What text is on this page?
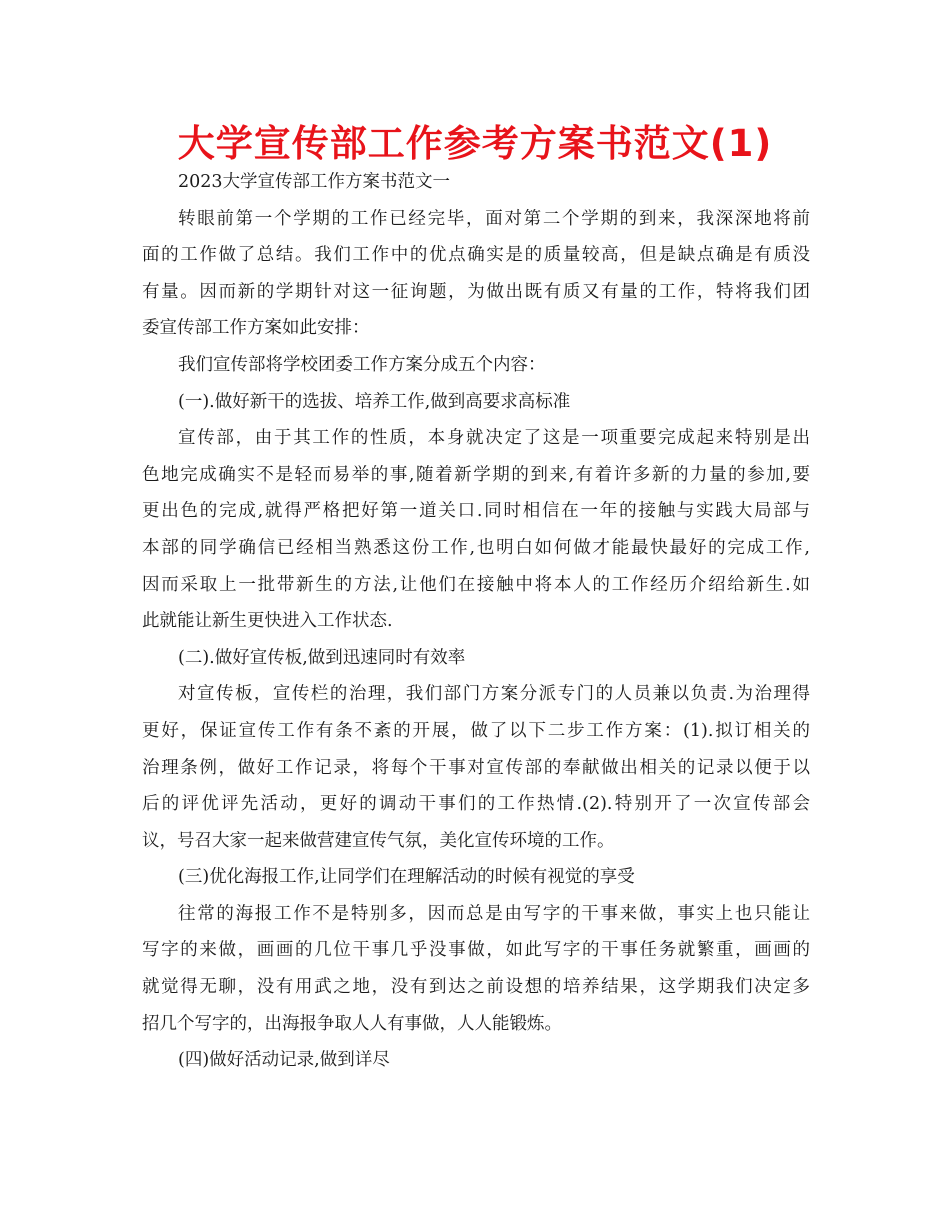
大学宣传部工作参考方案书范文(1)
2023大学宣传部工作方案书范文一
转眼前第一个学期的工作已经完毕，面对第二个学期的到来，我深深地将前
面的工作做了总结。我们工作中的优点确实是的质量较高，但是缺点确是有质没
有量。因而新的学期针对这一征询题，为做出既有质又有量的工作，特将我们团
委宣传部工作方案如此安排：
我们宣传部将学校团委工作方案分成五个内容：
(一).做好新干的选拔、培养工作,做到高要求高标准
宣传部，由于其工作的性质，本身就决定了这是一项重要完成起来特别是出
色地完成确实不是轻而易举的事,随着新学期的到来,有着许多新的力量的参加,要
更出色的完成,就得严格把好第一道关口.同时相信在一年的接触与实践大局部与
本部的同学确信已经相当熟悉这份工作,也明白如何做才能最快最好的完成工作,
因而采取上一批带新生的方法,让他们在接触中将本人的工作经历介绍给新生.如
此就能让新生更快进入工作状态.
(二).做好宣传板,做到迅速同时有效率
对宣传板，宣传栏的治理，我们部门方案分派专门的人员兼以负责.为治理得
更好，保证宣传工作有条不紊的开展，做了以下二步工作方案：(1).拟订相关的
治理条例，做好工作记录，将每个干事对宣传部的奉献做出相关的记录以便于以
后的评优评先活动，更好的调动干事们的工作热情.(2).特别开了一次宣传部会
议，号召大家一起来做营建宣传气氛，美化宣传环境的工作。
(三)优化海报工作,让同学们在理解活动的时候有视觉的享受
往常的海报工作不是特别多，因而总是由写字的干事来做，事实上也只能让
写字的来做，画画的几位干事几乎没事做，如此写字的干事任务就繁重，画画的
就觉得无聊，没有用武之地，没有到达之前设想的培养结果，这学期我们决定多
招几个写字的，出海报争取人人有事做，人人能锻炼。
(四)做好活动记录,做到详尽
